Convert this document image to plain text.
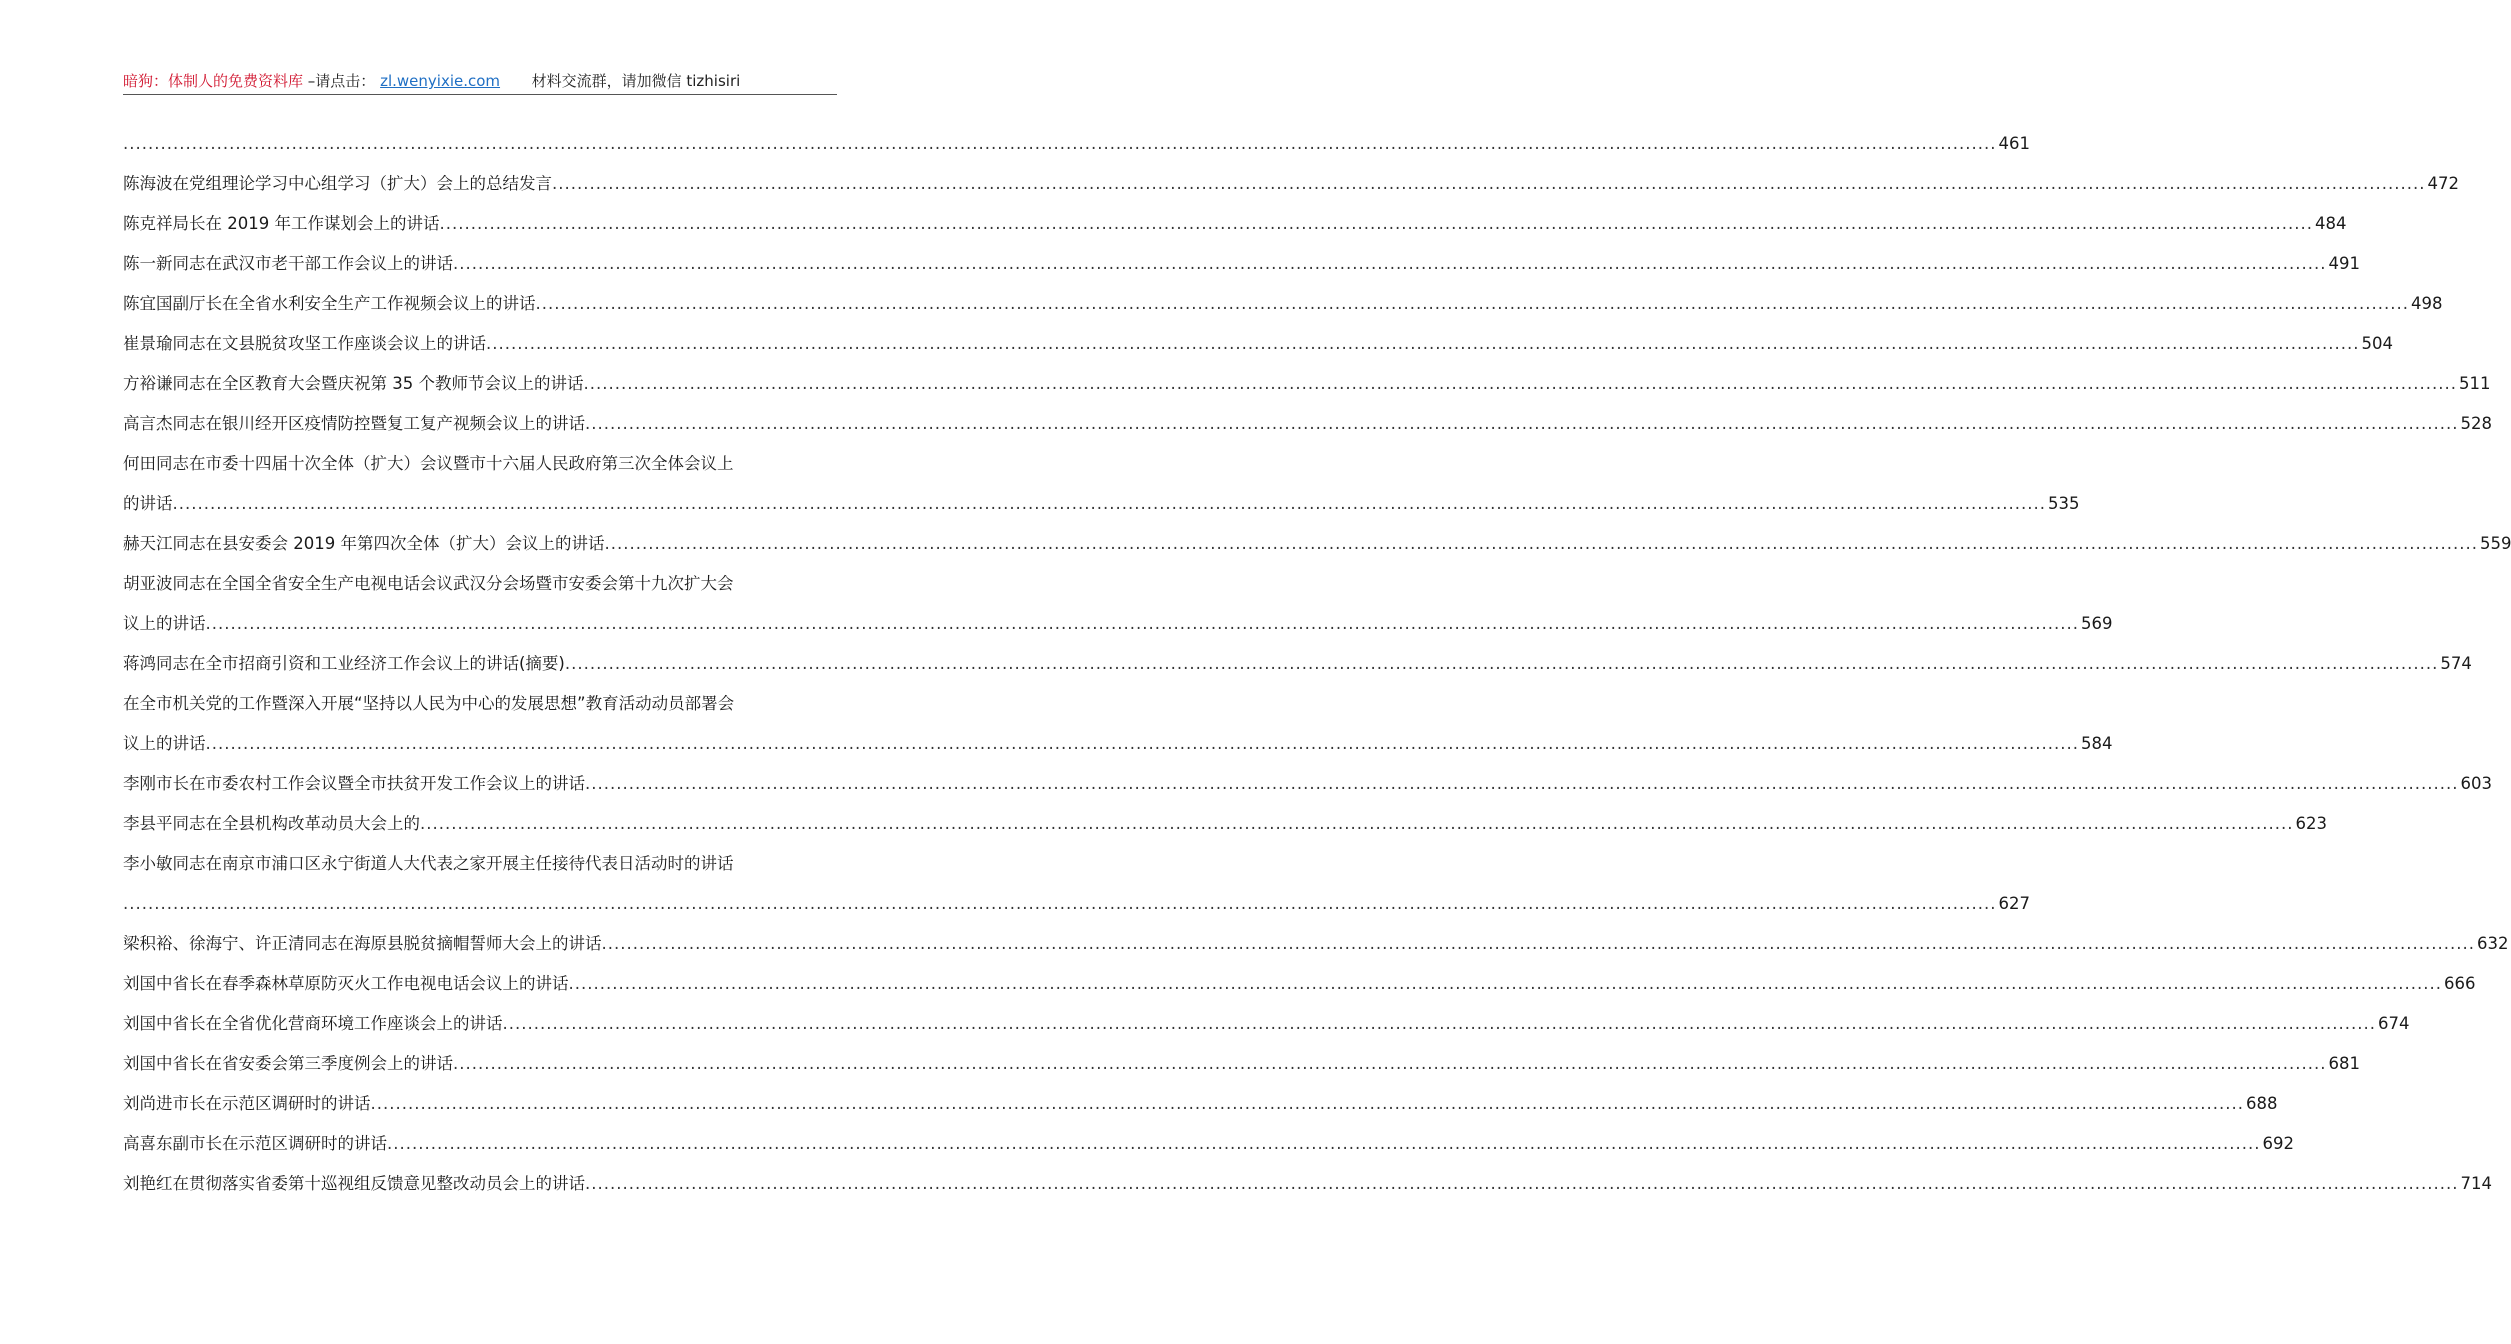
暗狗：体制人的免费资料库 –请点击： zl.wenyixie.com 材料交流群，请加微信 tizhisiri
............................................................................................................................................................................................................................................................................................................ 461
陈海波在党组理论学习中心组学习（扩大）会上的总结发言 ............................................................................................................................................................................................................................................................................................................ 472
陈克祥局长在 2019 年工作谋划会上的讲话 ............................................................................................................................................................................................................................................................................................................ 484
陈一新同志在武汉市老干部工作会议上的讲话 ............................................................................................................................................................................................................................................................................................................ 491
陈宜国副厅长在全省水利安全生产工作视频会议上的讲话 ............................................................................................................................................................................................................................................................................................................ 498
崔景瑜同志在文县脱贫攻坚工作座谈会议上的讲话 ............................................................................................................................................................................................................................................................................................................ 504
方裕谦同志在全区教育大会暨庆祝第 35 个教师节会议上的讲话 ............................................................................................................................................................................................................................................................................................................ 511
高言杰同志在银川经开区疫情防控暨复工复产视频会议上的讲话 ............................................................................................................................................................................................................................................................................................................ 528
何田同志在市委十四届十次全体（扩大）会议暨市十六届人民政府第三次全体会议上
的讲话 ............................................................................................................................................................................................................................................................................................................ 535
赫天江同志在县安委会 2019 年第四次全体（扩大）会议上的讲话 ............................................................................................................................................................................................................................................................................................................ 559
胡亚波同志在全国全省安全生产电视电话会议武汉分会场暨市安委会第十九次扩大会
议上的讲话 ............................................................................................................................................................................................................................................................................................................ 569
蒋鸿同志在全市招商引资和工业经济工作会议上的讲话(摘要) ............................................................................................................................................................................................................................................................................................................ 574
在全市机关党的工作暨深入开展“坚持以人民为中心的发展思想”教育活动动员部署会
议上的讲话 ............................................................................................................................................................................................................................................................................................................ 584
李刚市长在市委农村工作会议暨全市扶贫开发工作会议上的讲话 ............................................................................................................................................................................................................................................................................................................ 603
李县平同志在全县机构改革动员大会上的 ............................................................................................................................................................................................................................................................................................................ 623
李小敏同志在南京市浦口区永宁街道人大代表之家开展主任接待代表日活动时的讲话
............................................................................................................................................................................................................................................................................................................ 627
梁积裕、徐海宁、许正清同志在海原县脱贫摘帽誓师大会上的讲话 ............................................................................................................................................................................................................................................................................................................ 632
刘国中省长在春季森林草原防灭火工作电视电话会议上的讲话 ............................................................................................................................................................................................................................................................................................................ 666
刘国中省长在全省优化营商环境工作座谈会上的讲话 ............................................................................................................................................................................................................................................................................................................ 674
刘国中省长在省安委会第三季度例会上的讲话 ............................................................................................................................................................................................................................................................................................................ 681
刘尚进市长在示范区调研时的讲话 ............................................................................................................................................................................................................................................................................................................ 688
高喜东副市长在示范区调研时的讲话 ............................................................................................................................................................................................................................................................................................................ 692
刘艳红在贯彻落实省委第十巡视组反馈意见整改动员会上的讲话 ............................................................................................................................................................................................................................................................................................................ 714
